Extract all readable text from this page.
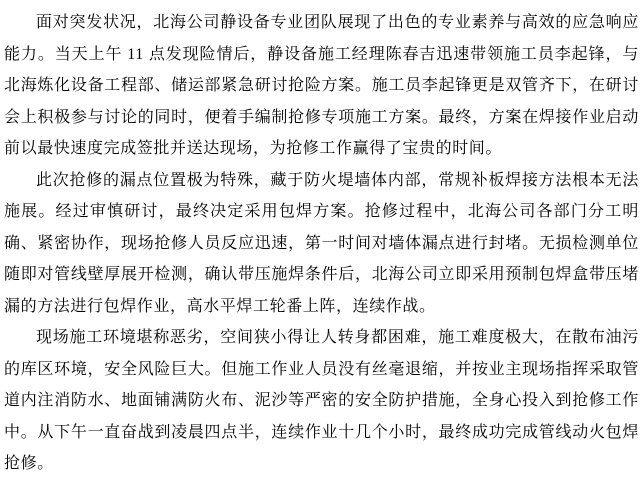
面对突发状况，北海公司静设备专业团队展现了出色的专业素养与高效的应急响应能力。当天上午 11 点发现险情后，静设备施工经理陈春吉迅速带领施工员李起锋，与北海炼化设备工程部、储运部紧急研讨抢险方案。施工员李起锋更是双管齐下，在研讨会上积极参与讨论的同时，便着手编制抢修专项施工方案。最终，方案在焊接作业启动前以最快速度完成签批并送达现场，为抢修工作赢得了宝贵的时间。

此次抢修的漏点位置极为特殊，藏于防火堤墙体内部，常规补板焊接方法根本无法施展。经过审慎研讨，最终决定采用包焊方案。抢修过程中，北海公司各部门分工明确、紧密协作，现场抢修人员反应迅速，第一时间对墙体漏点进行封堵。无损检测单位随即对管线壁厚展开检测，确认带压施焊条件后，北海公司立即采用预制包焊盒带压堵漏的方法进行包焊作业，高水平焊工轮番上阵，连续作战。

现场施工环境堪称恶劣，空间狭小得让人转身都困难，施工难度极大，在散布油污的库区环境，安全风险巨大。但施工作业人员没有丝毫退缩，并按业主现场指挥采取管道内注消防水、地面铺满防火布、泥沙等严密的安全防护措施，全身心投入到抢修工作中。从下午一直奋战到凌晨四点半，连续作业十几个小时，最终成功完成管线动火包焊抢修。
